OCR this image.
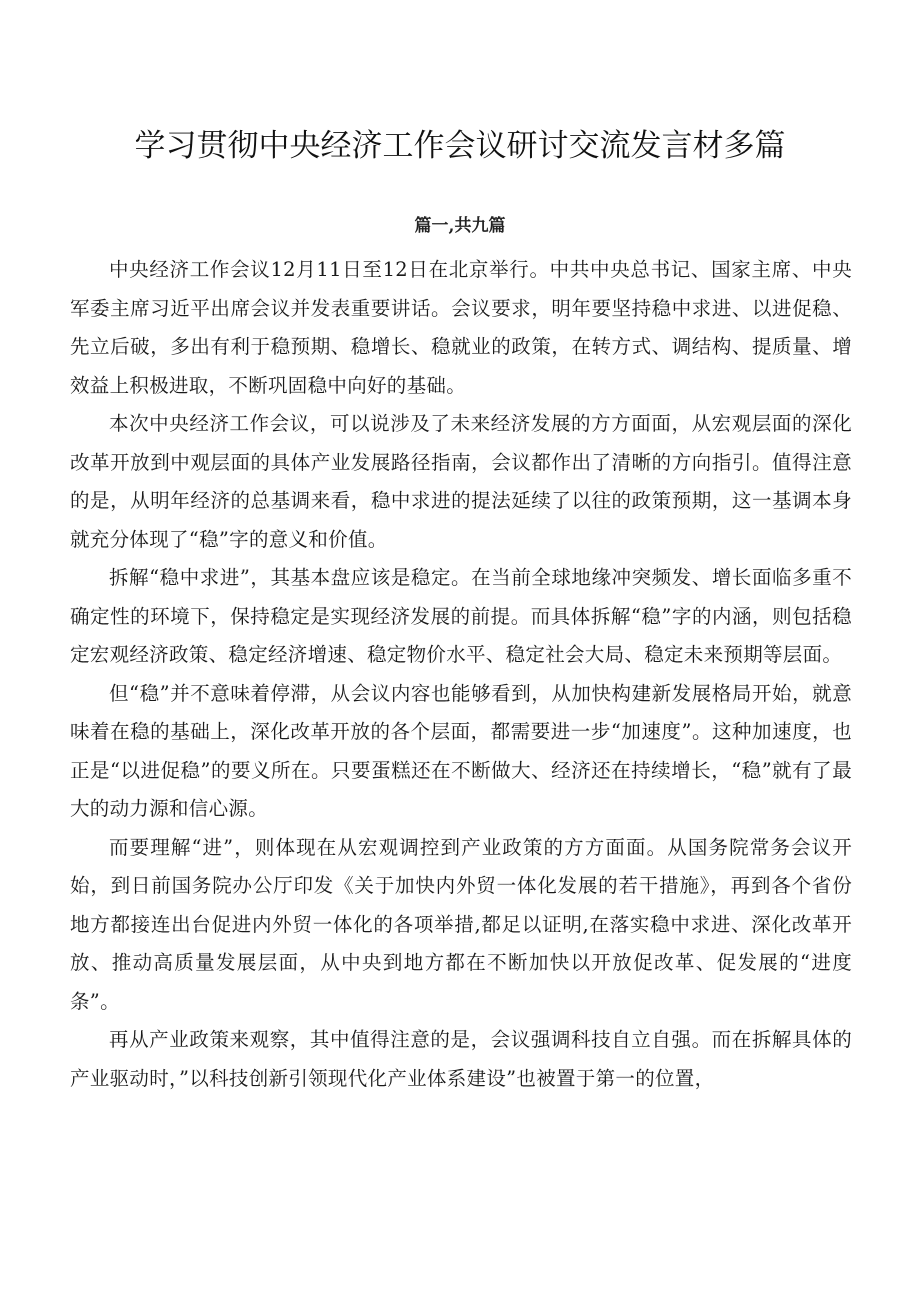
学习贯彻中央经济工作会议研讨交流发言材多篇
篇一,共九篇

中央经济工作会议12月11日至12日在北京举行。中共中央总书记、国家主席、中央军委主席习近平出席会议并发表重要讲话。会议要求，明年要坚持稳中求进、以进促稳、先立后破，多出有利于稳预期、稳增长、稳就业的政策，在转方式、调结构、提质量、增效益上积极进取，不断巩固稳中向好的基础。

本次中央经济工作会议，可以说涉及了未来经济发展的方方面面，从宏观层面的深化改革开放到中观层面的具体产业发展路径指南，会议都作出了清晰的方向指引。值得注意的是，从明年经济的总基调来看，稳中求进的提法延续了以往的政策预期，这一基调本身就充分体现了“稳”字的意义和价值。

拆解“稳中求进”，其基本盘应该是稳定。在当前全球地缘冲突频发、增长面临多重不确定性的环境下，保持稳定是实现经济发展的前提。而具体拆解“稳”字的内涵，则包括稳定宏观经济政策、稳定经济增速、稳定物价水平、稳定社会大局、稳定未来预期等层面。

但“稳”并不意味着停滞，从会议内容也能够看到，从加快构建新发展格局开始，就意味着在稳的基础上，深化改革开放的各个层面，都需要进一步“加速度”。这种加速度，也正是“以进促稳”的要义所在。只要蛋糕还在不断做大、经济还在持续增长，“稳”就有了最大的动力源和信心源。

而要理解“进”，则体现在从宏观调控到产业政策的方方面面。从国务院常务会议开始，到日前国务院办公厅印发《关于加快内外贸一体化发展的若干措施》，再到各个省份地方都接连出台促进内外贸一体化的各项举措,都足以证明,在落实稳中求进、深化改革开放、推动高质量发展层面，从中央到地方都在不断加快以开放促改革、促发展的“进度条”。

再从产业政策来观察，其中值得注意的是，会议强调科技自立自强。而在拆解具体的产业驱动时，”以科技创新引领现代化产业体系建设”也被置于第一的位置，
